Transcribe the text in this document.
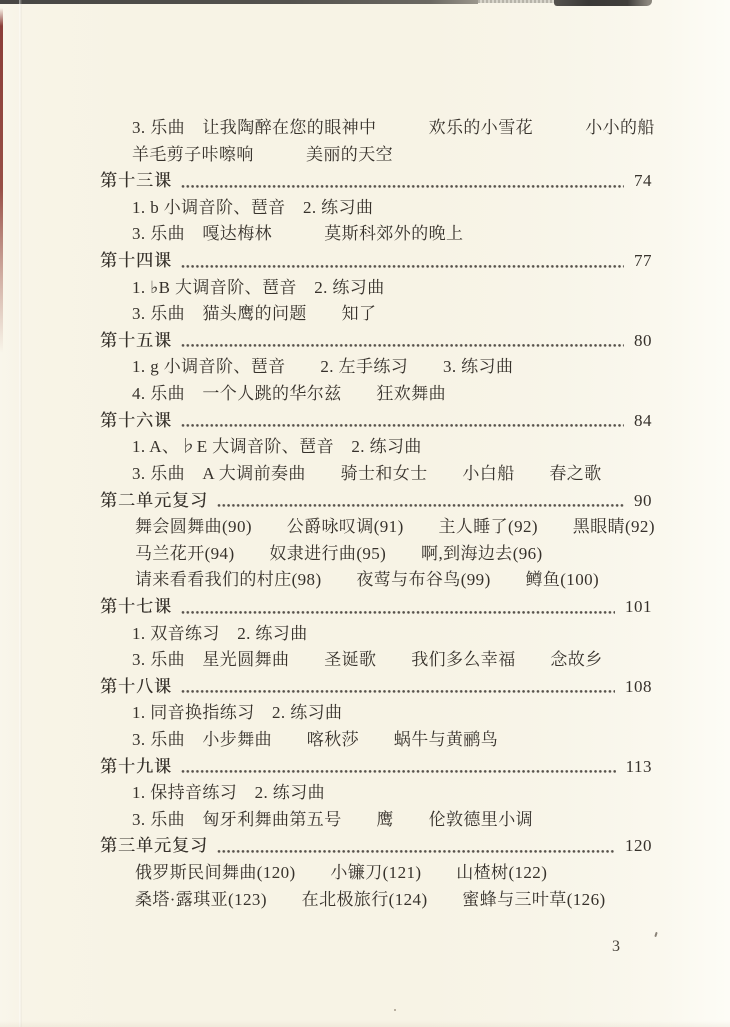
3. 乐曲　让我陶醉在您的眼神中　　　欢乐的小雪花　　　小小的船
羊毛剪子咔嚓响　　　美丽的天空
第十三课	74
1. b 小调音阶、琶音　2. 练习曲
3. 乐曲　嘎达梅林　　　莫斯科郊外的晚上
第十四课	77
1. ♭B 大调音阶、琶音　2. 练习曲
3. 乐曲　猫头鹰的问题　　知了
第十五课	80
1. g 小调音阶、琶音　　2. 左手练习　　3. 练习曲
4. 乐曲　一个人跳的华尔兹　　狂欢舞曲
第十六课	84
1. A、♭E 大调音阶、琶音　2. 练习曲
3. 乐曲　A 大调前奏曲　　骑士和女士　　小白船　　春之歌
第二单元复习	90
舞会圆舞曲(90)　　公爵咏叹调(91)　　主人睡了(92)　　黑眼睛(92)
马兰花开(94)　　奴隶进行曲(95)　　啊,到海边去(96)
请来看看我们的村庄(98)　　夜莺与布谷鸟(99)　　鳟鱼(100)
第十七课	101
1. 双音练习　2. 练习曲
3. 乐曲　星光圆舞曲　　圣诞歌　　我们多么幸福　　念故乡
第十八课	108
1. 同音换指练习　2. 练习曲
3. 乐曲　小步舞曲　　喀秋莎　　蜗牛与黄鹂鸟
第十九课	113
1. 保持音练习　2. 练习曲
3. 乐曲　匈牙利舞曲第五号　　鹰　　伦敦德里小调
第三单元复习	120
俄罗斯民间舞曲(120)　　小镰刀(121)　　山楂树(122)
桑塔·露琪亚(123)　　在北极旅行(124)　　蜜蜂与三叶草(126)
3
